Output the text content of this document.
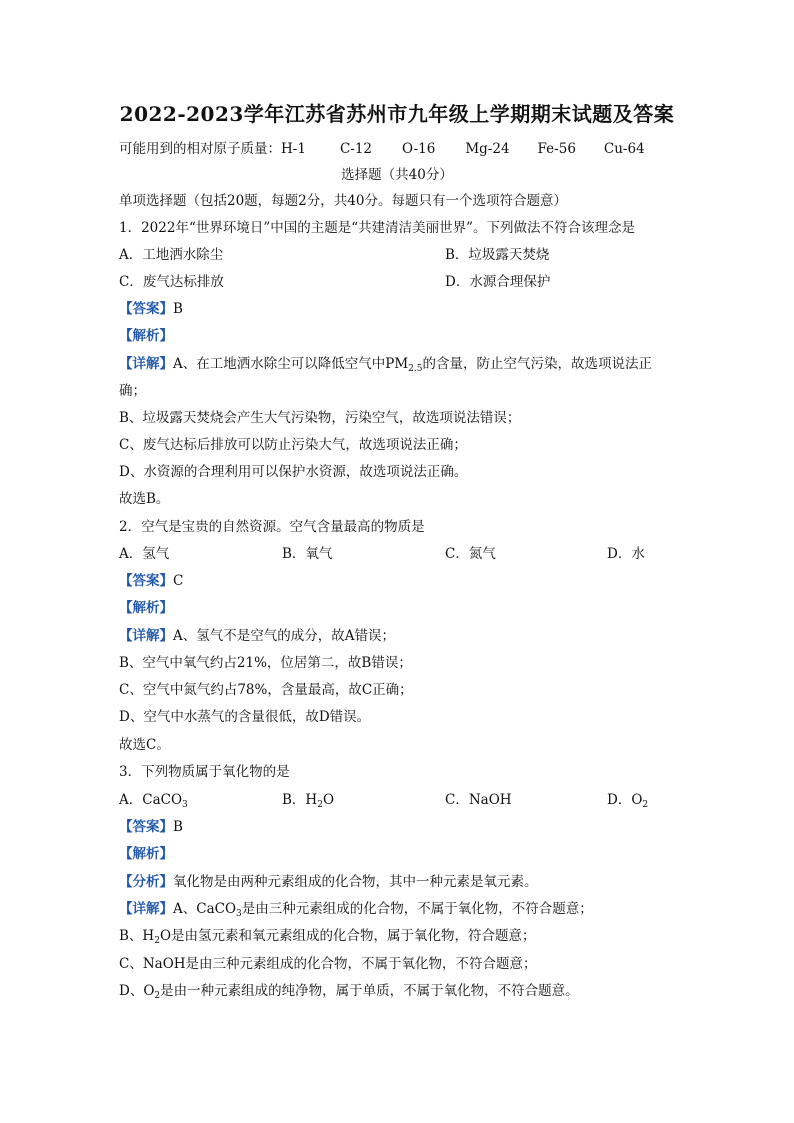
2022-2023学年江苏省苏州市九年级上学期期末试题及答案
可能用到的相对原子质量：H-1	C-12 O-16 Mg-24 Fe-56 Cu-64
选择题（共40分）
单项选择题（包括20题，每题2分，共40分。每题只有一个选项符合题意）
1．2022年“世界环境日”中国的主题是“共建清洁美丽世界”。下列做法不符合该理念是
A．工地洒水除尘	B．垃圾露天焚烧
C．废气达标排放	D．水源合理保护
【答案】B
【解析】
【详解】A、在工地洒水除尘可以降低空气中$PM_{2.5}$的含量，防止空气污染，故选项说法正
确；
B、垃圾露天焚烧会产生大气污染物，污染空气，故选项说法错误；
C、废气达标后排放可以防止污染大气，故选项说法正确；
D、水资源的合理利用可以保护水资源，故选项说法正确。
故选B。
2．空气是宝贵的自然资源。空气含量最高的物质是
A．氢气	B．氧气	C．氮气	D．水
【答案】C
【解析】
【详解】A、氢气不是空气的成分，故A错误；
B、空气中氧气约占21%，位居第二，故B错误；
C、空气中氮气约占78%，含量最高，故C正确；
D、空气中水蒸气的含量很低，故D错误。
故选C。
3．下列物质属于氧化物的是
A．CaCO$_3$	B．$H_2O$	C．NaOH	D．$O_2$
【答案】B
【解析】
【分析】氧化物是由两种元素组成的化合物，其中一种元素是氧元素。
【详解】A、CaCO$_3$是由三种元素组成的化合物，不属于氧化物，不符合题意；
B、$H_2O$是由氢元素和氧元素组成的化合物，属于氧化物，符合题意；
C、NaOH是由三种元素组成的化合物，不属于氧化物，不符合题意；
D、$O_2$是由一种元素组成的纯净物，属于单质，不属于氧化物，不符合题意。
